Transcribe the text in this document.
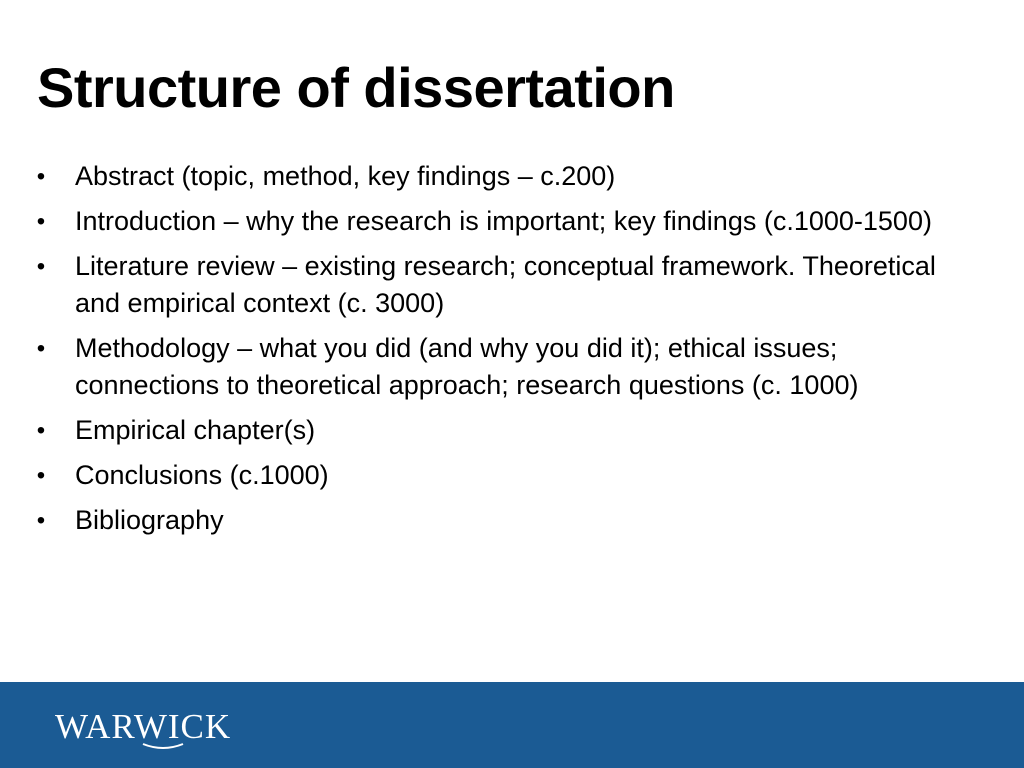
Structure of dissertation
• Abstract (topic, method, key findings – c.200)
• Introduction – why the research is important; key findings (c.1000-1500)
• Literature review – existing research; conceptual framework. Theoretical and empirical context (c. 3000)
• Methodology – what you did (and why you did it); ethical issues; connections to theoretical approach; research questions (c. 1000)
• Empirical chapter(s)
• Conclusions (c.1000)
• Bibliography
WARWICK
